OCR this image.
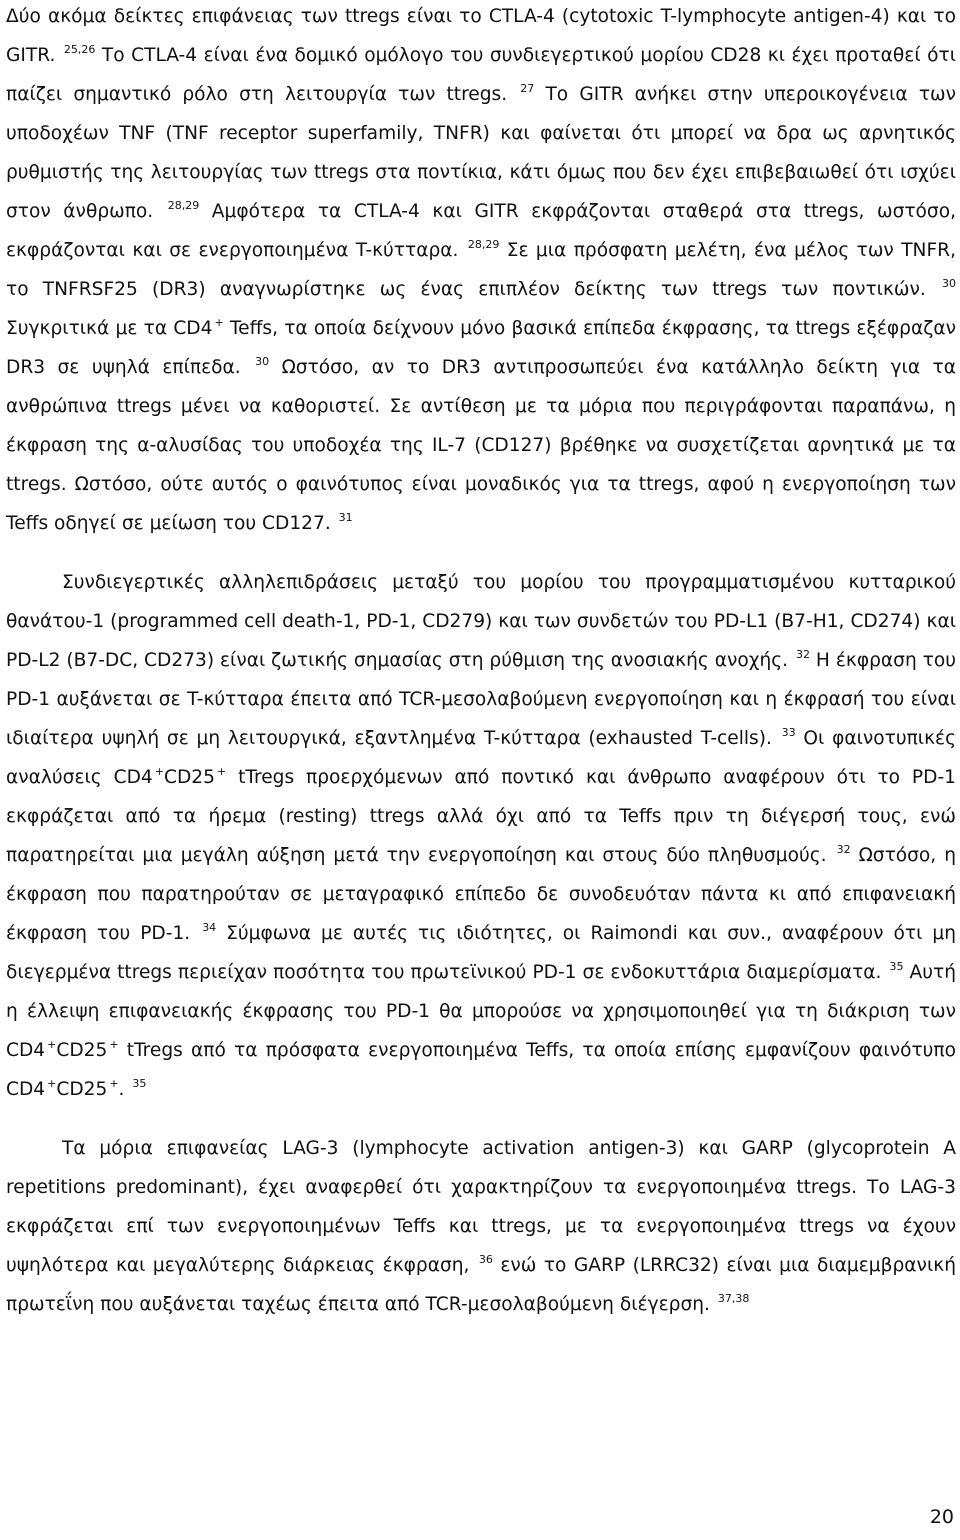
Δύο ακόμα δείκτες επιφάνειας των ttregs είναι το CTLA-4 (cytotoxic T-lymphocyte antigen-4) και το GITR. $^{25,26}$ Το CTLA-4 είναι ένα δομικό ομόλογο του συνδιεγερτικού μορίου CD28 κι έχει προταθεί ότι παίζει σημαντικό ρόλο στη λειτουργία των ttregs. $^{27}$ Το GITR ανήκει στην υπεροικογένεια των υποδοχέων TNF (TNF receptor superfamily, TNFR) και φαίνεται ότι μπορεί να δρα ως αρνητικός ρυθμιστής της λειτουργίας των ttregs στα ποντίκια, κάτι όμως που δεν έχει επιβεβαιωθεί ότι ισχύει στον άνθρωπο. $^{28,29}$ Αμφότερα τα CTLA-4 και GITR εκφράζονται σταθερά στα ttregs, ωστόσο, εκφράζονται και σε ενεργοποιημένα T-κύτταρα. $^{28,29}$ Σε μια πρόσφατη μελέτη, ένα μέλος των TNFR, το TNFRSF25 (DR3) αναγνωρίστηκε ως ένας επιπλέον δείκτης των ttregs των ποντικών. $^{30}$ Συγκριτικά με τα CD4 + Teffs, τα οποία δείχνουν μόνο βασικά επίπεδα έκφρασης, τα ttregs εξέφραζαν DR3 σε υψηλά επίπεδα. $^{30}$ Ωστόσο, αν το DR3 αντιπροσωπεύει ένα κατάλληλο δείκτη για τα ανθρώπινα ttregs μένει να καθοριστεί. Σε αντίθεση με τα μόρια που περιγράφονται παραπάνω, η έκφραση της α-αλυσίδας του υποδοχέα της IL-7 (CD127) βρέθηκε να συσχετίζεται αρνητικά με τα ttregs. Ωστόσο, ούτε αυτός ο φαινότυπος είναι μοναδικός για τα ttregs, αφού η ενεργοποίηση των Teffs οδηγεί σε μείωση του CD127. $^{31}$

Συνδιεγερτικές αλληλεπιδράσεις μεταξύ του μορίου του προγραμματισμένου κυτταρικού θανάτου-1 (programmed cell death-1, PD-1, CD279) και των συνδετών του PD-L1 (B7-H1, CD274) και PD-L2 (B7-DC, CD273) είναι ζωτικής σημασίας στη ρύθμιση της ανοσιακής ανοχής. $^{32}$ Η έκφραση του PD-1 αυξάνεται σε T-κύτταρα έπειτα από TCR-μεσολαβούμενη ενεργοποίηση και η έκφρασή του είναι ιδιαίτερα υψηλή σε μη λειτουργικά, εξαντλημένα T-κύτταρα (exhausted T-cells). $^{33}$ Οι φαινοτυπικές αναλύσεις CD4 +CD25 + tTregs προερχόμενων από ποντικό και άνθρωπο αναφέρουν ότι το PD-1 εκφράζεται από τα ήρεμα (resting) ttregs αλλά όχι από τα Teffs πριν τη διέγερσή τους, ενώ παρατηρείται μια μεγάλη αύξηση μετά την ενεργοποίηση και στους δύο πληθυσμούς. $^{32}$ Ωστόσο, η έκφραση που παρατηρούταν σε μεταγραφικό επίπεδο δε συνοδευόταν πάντα κι από επιφανειακή έκφραση του PD-1. $^{34}$ Σύμφωνα με αυτές τις ιδιότητες, οι Raimondi και συν., αναφέρουν ότι μη διεγερμένα ttregs περιείχαν ποσότητα του πρωτεϊνικού PD-1 σε ενδοκυττάρια διαμερίσματα. $^{35}$ Αυτή η έλλειψη επιφανειακής έκφρασης του PD-1 θα μπορούσε να χρησιμοποιηθεί για τη διάκριση των CD4 +CD25 + tTregs από τα πρόσφατα ενεργοποιημένα Teffs, τα οποία επίσης εμφανίζουν φαινότυπο CD4 +CD25 +. $^{35}$

Τα μόρια επιφανείας LAG-3 (lymphocyte activation antigen-3) και GARP (glycoprotein A repetitions predominant), έχει αναφερθεί ότι χαρακτηρίζουν τα ενεργοποιημένα ttregs. Το LAG-3 εκφράζεται επί των ενεργοποιημένων Teffs και ttregs, με τα ενεργοποιημένα ttregs να έχουν υψηλότερα και μεγαλύτερης διάρκειας έκφραση, $^{36}$ ενώ το GARP (LRRC32) είναι μια διαμεμβρανική πρωτεΐνη που αυξάνεται ταχέως έπειτα από TCR-μεσολαβούμενη διέγερση. $^{37,38}$

20
